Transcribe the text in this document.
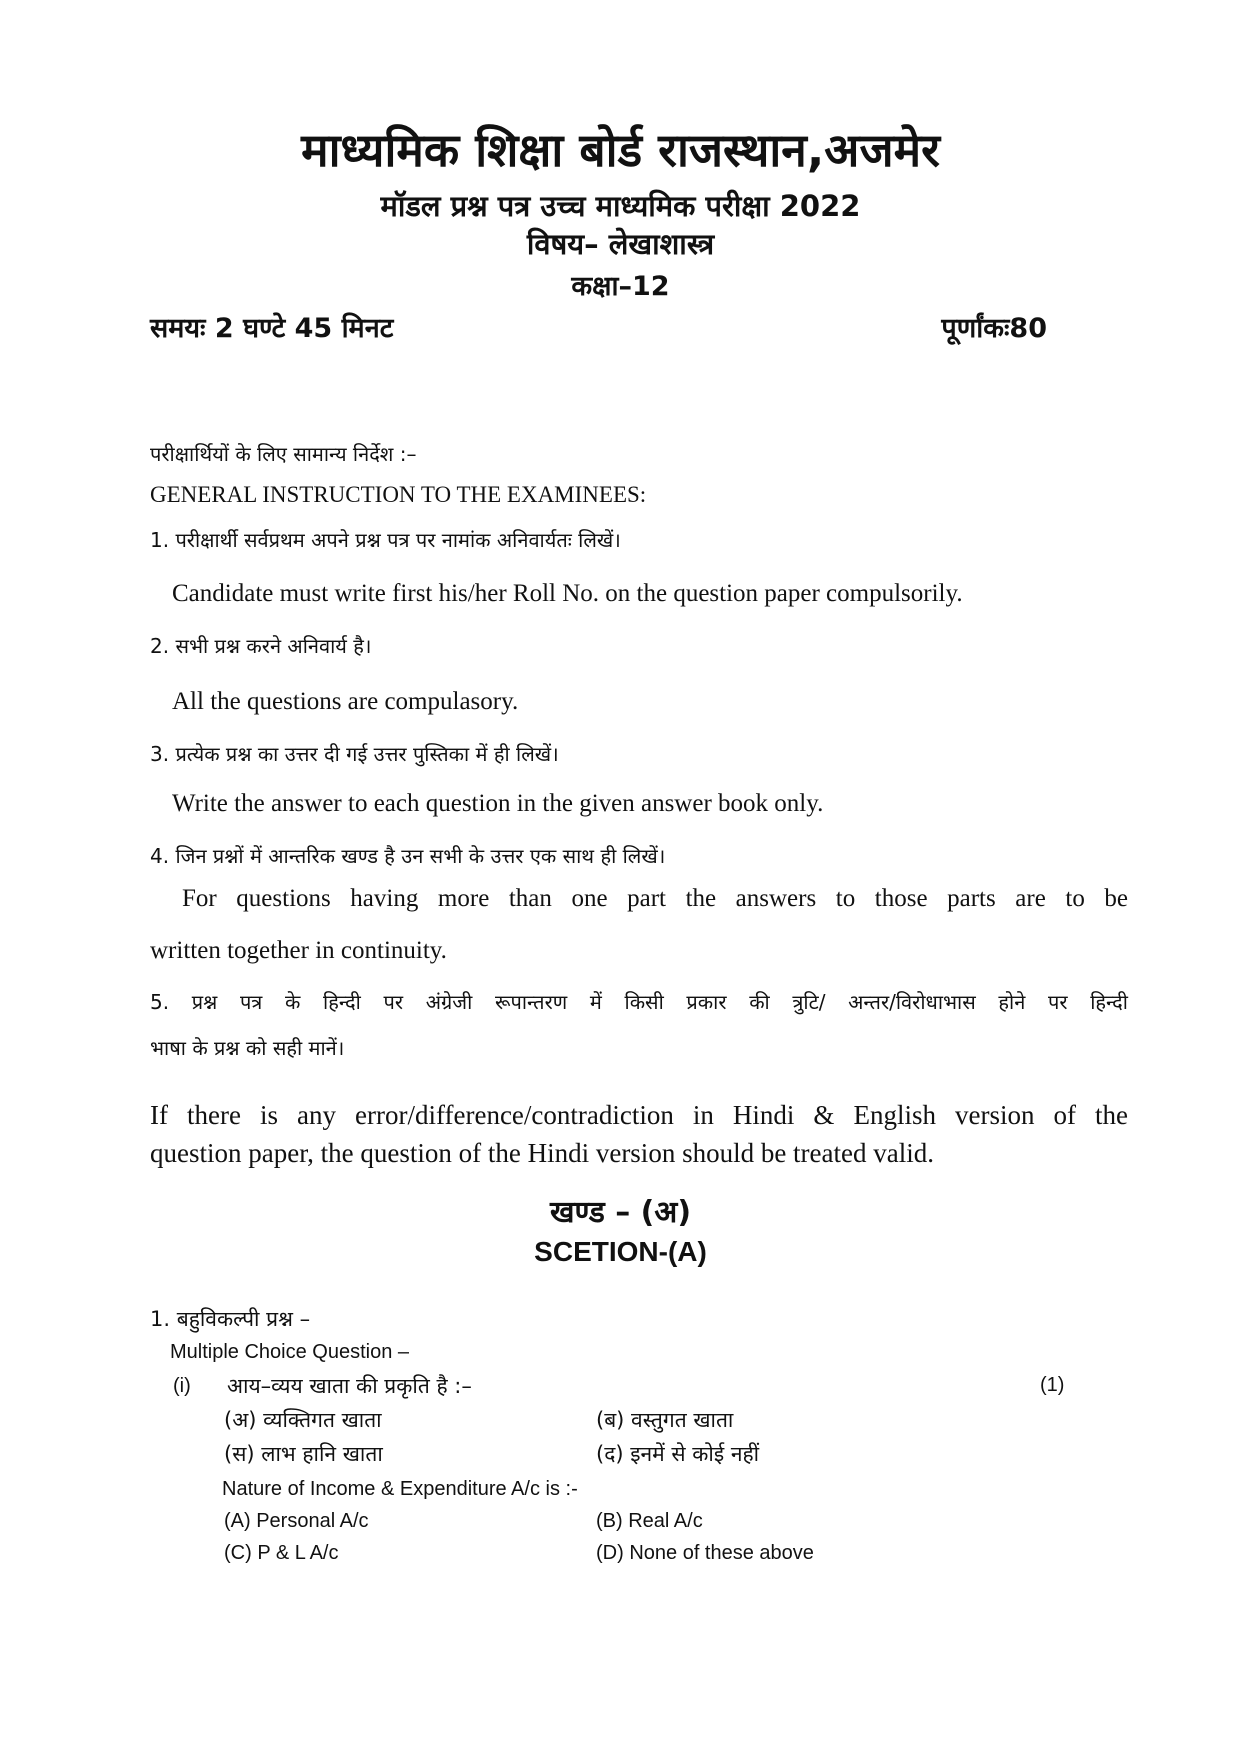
माध्यमिक शिक्षा बोर्ड राजस्थान,अजमेर
मॉडल प्रश्न पत्र उच्च माध्यमिक परीक्षा 2022
विषय– लेखाशास्त्र
कक्षा–12
समयः 2 घण्टे 45 मिनट	पूर्णांकः80
परीक्षार्थियों के लिए सामान्य निर्देश :–
GENERAL INSTRUCTION TO THE EXAMINEES:
1. परीक्षार्थी सर्वप्रथम अपने प्रश्न पत्र पर नामांक अनिवार्यतः लिखें।
Candidate must write first his/her Roll No. on the question paper compulsorily.
2. सभी प्रश्न करने अनिवार्य है।
All the questions are compulasory.
3. प्रत्येक प्रश्न का उत्तर दी गई उत्तर पुस्तिका में ही लिखें।
Write the answer to each question in the given answer book only.
4. जिन प्रश्नों में आन्तरिक खण्ड है उन सभी के उत्तर एक साथ ही लिखें।
For questions having more than one part the answers to those parts are to be
written together in continuity.
5. प्रश्न पत्र के हिन्दी पर अंग्रेजी रूपान्तरण में किसी प्रकार की त्रुटि/ अन्तर/विरोधाभास होने पर हिन्दी
भाषा के प्रश्न को सही मानें।
If there is any error/difference/contradiction in Hindi & English version of the
question paper, the question of the Hindi version should be treated valid.
खण्ड – (अ)
SCETION-(A)
1. बहुविकल्पी प्रश्न –
Multiple Choice Question –
(i) आय–व्यय खाता की प्रकृति है :–	(1)
(अ) व्यक्तिगत खाता	(ब) वस्तुगत खाता
(स) लाभ हानि खाता	(द) इनमें से कोई नहीं
Nature of Income & Expenditure A/c is :-
(A) Personal A/c	(B) Real A/c
(C) P & L A/c	(D) None of these above
